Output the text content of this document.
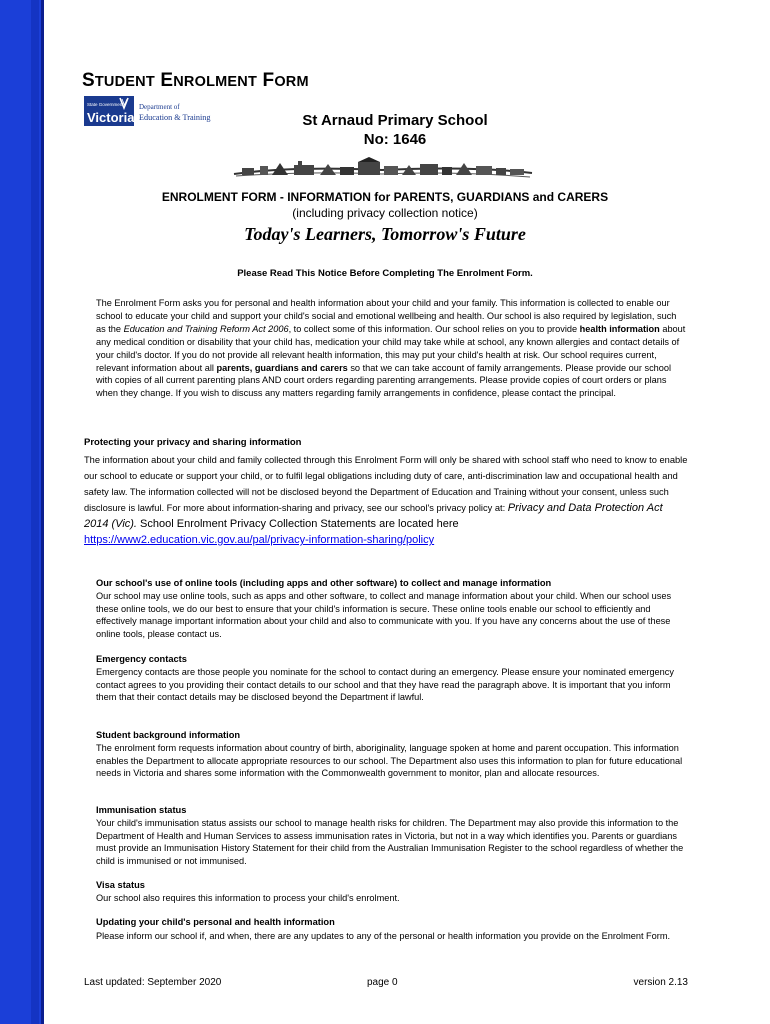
STUDENT ENROLMENT FORM
State Government
Victoria
Department of
Education & Training	St Arnaud Primary School
No: 1646
ENROLMENT FORM - INFORMATION for PARENTS, GUARDIANS and CARERS
(including privacy collection notice)
Today's Learners, Tomorrow's Future
Please Read This Notice Before Completing The Enrolment Form.
The Enrolment Form asks you for personal and health information about your child and your family. This information is collected to enable our school to educate your child and support your child's social and emotional wellbeing and health. Our school is also required by legislation, such as the Education and Training Reform Act 2006, to collect some of this information. Our school relies on you to provide health information about any medical condition or disability that your child has, medication your child may take while at school, any known allergies and contact details of your child's doctor. If you do not provide all relevant health information, this may put your child's health at risk. Our school requires current, relevant information about all parents, guardians and carers so that we can take account of family arrangements. Please provide our school with copies of all current parenting plans AND court orders regarding parenting arrangements. Please provide copies of court orders or plans when they change. If you wish to discuss any matters regarding family arrangements in confidence, please contact the principal.
Protecting your privacy and sharing information
The information about your child and family collected through this Enrolment Form will only be shared with school staff who need to know to enable our school to educate or support your child, or to fulfil legal obligations including duty of care, anti-discrimination law and occupational health and safety law. The information collected will not be disclosed beyond the Department of Education and Training without your consent, unless such disclosure is lawful. For more about information-sharing and privacy, see our school's privacy policy at: Privacy and Data Protection Act 2014 (Vic). School Enrolment Privacy Collection Statements are located here
https://www2.education.vic.gov.au/pal/privacy-information-sharing/policy
Our school's use of online tools (including apps and other software) to collect and manage information
Our school may use online tools, such as apps and other software, to collect and manage information about your child. When our school uses these online tools, we do our best to ensure that your child's information is secure. These online tools enable our school to efficiently and effectively manage important information about your child and also to communicate with you. If you have any concerns about the use of these online tools, please contact us.
Emergency contacts
Emergency contacts are those people you nominate for the school to contact during an emergency. Please ensure your nominated emergency contact agrees to you providing their contact details to our school and that they have read the paragraph above. It is important that you inform them that their contact details may be disclosed beyond the Department if lawful.
Student background information
The enrolment form requests information about country of birth, aboriginality, language spoken at home and parent occupation. This information enables the Department to allocate appropriate resources to our school. The Department also uses this information to plan for future educational needs in Victoria and shares some information with the Commonwealth government to monitor, plan and allocate resources.
Immunisation status
Your child's immunisation status assists our school to manage health risks for children. The Department may also provide this information to the Department of Health and Human Services to assess immunisation rates in Victoria, but not in a way which identifies you. Parents or guardians must provide an Immunisation History Statement for their child from the Australian Immunisation Register to the school regardless of whether the child is immunised or not immunised.
Visa status
Our school also requires this information to process your child's enrolment.
Updating your child's personal and health information
Please inform our school if, and when, there are any updates to any of the personal or health information you provide on the Enrolment Form.
Last updated: September 2020	page 0	version 2.13
